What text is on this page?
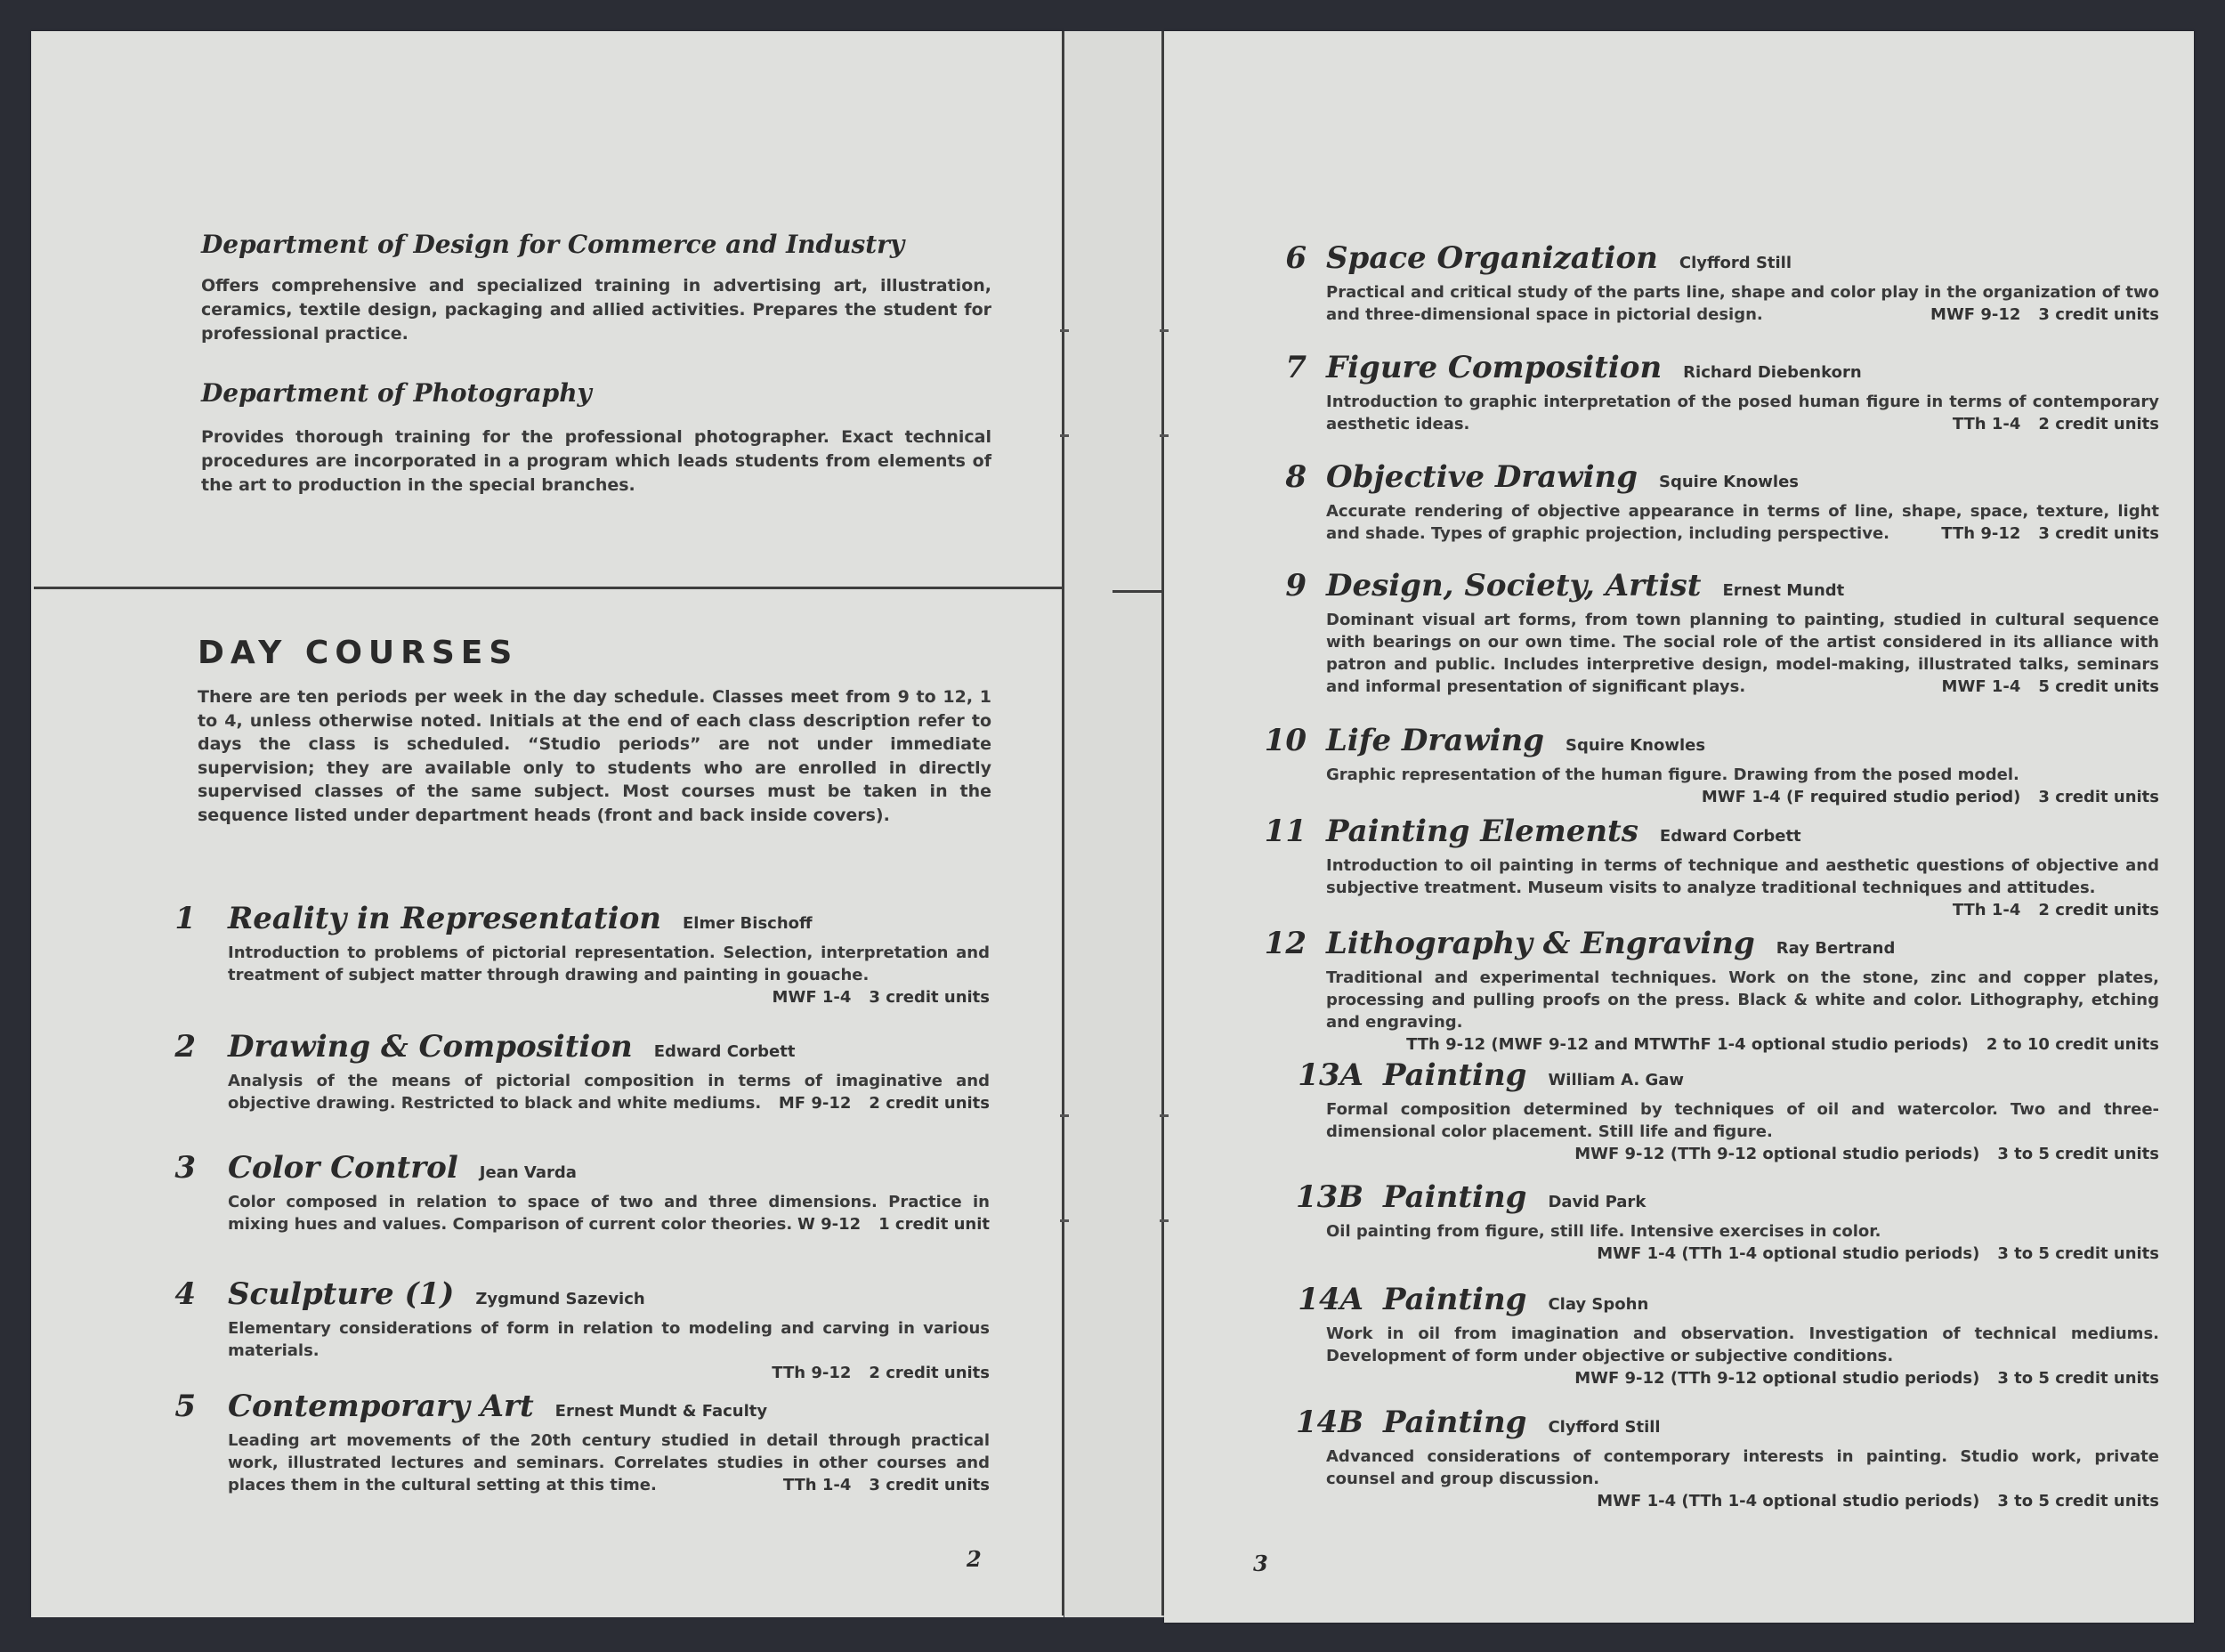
Department of Design for Commerce and Industry
Offers comprehensive and specialized training in advertising art, illustration, ceramics, textile design, packaging and allied activities. Prepares the student for professional practice.
Department of Photography
Provides thorough training for the professional photographer. Exact technical procedures are incorporated in a program which leads students from elements of the art to production in the special branches.
DAY COURSES
There are ten periods per week in the day schedule. Classes meet from 9 to 12, 1 to 4, unless otherwise noted. Initials at the end of each class description refer to days the class is scheduled. “Studio periods” are not under immediate supervision; they are available only to students who are enrolled in directly supervised classes of the same subject. Most courses must be taken in the sequence listed under department heads (front and back inside covers).
1 Reality in Representation Elmer Bischoff
Introduction to problems of pictorial representation. Selection, interpretation and treatment of subject matter through drawing and painting in gouache.
MWF 1-4 3 credit units
2 Drawing & Composition Edward Corbett
Analysis of the means of pictorial composition in terms of imaginative and objective drawing. Restricted to black and white mediums.	MF 9-12 2 credit units
3 Color Control Jean Varda
Color composed in relation to space of two and three dimensions. Practice in mixing hues and values. Comparison of current color theories. W 9-12 1 credit unit
4 Sculpture (1) Zygmund Sazevich
Elementary considerations of form in relation to modeling and carving in various materials.
TTh 9-12 2 credit units
5 Contemporary Art Ernest Mundt & Faculty
Leading art movements of the 20th century studied in detail through practical work, illustrated lectures and seminars. Correlates studies in other courses and places them in the cultural setting at this time.	TTh 1-4 3 credit units
2
6 Space Organization Clyfford Still
Practical and critical study of the parts line, shape and color play in the organization of two and three-dimensional space in pictorial design.	MWF 9-12 3 credit units
7 Figure Composition Richard Diebenkorn
Introduction to graphic interpretation of the posed human figure in terms of contemporary aesthetic ideas.	TTh 1-4 2 credit units
8 Objective Drawing Squire Knowles
Accurate rendering of objective appearance in terms of line, shape, space, texture, light and shade. Types of graphic projection, including perspective.	TTh 9-12 3 credit units
9 Design, Society, Artist Ernest Mundt
Dominant visual art forms, from town planning to painting, studied in cultural sequence with bearings on our own time. The social role of the artist considered in its alliance with patron and public. Includes interpretive design, model-making, illustrated talks, seminars and informal presentation of significant plays.	MWF 1-4 5 credit units
10 Life Drawing Squire Knowles
Graphic representation of the human figure. Drawing from the posed model.
MWF 1-4 (F required studio period) 3 credit units
11 Painting Elements Edward Corbett
Introduction to oil painting in terms of technique and aesthetic questions of objective and subjective treatment. Museum visits to analyze traditional techniques and attitudes.
TTh 1-4 2 credit units
12 Lithography & Engraving Ray Bertrand
Traditional and experimental techniques. Work on the stone, zinc and copper plates, processing and pulling proofs on the press. Black & white and color. Lithography, etching and engraving.
TTh 9-12 (MWF 9-12 and MTWThF 1-4 optional studio periods) 2 to 10 credit units
13A Painting William A. Gaw
Formal composition determined by techniques of oil and watercolor. Two and three-dimensional color placement. Still life and figure.
MWF 9-12 (TTh 9-12 optional studio periods) 3 to 5 credit units
13B Painting David Park
Oil painting from figure, still life. Intensive exercises in color.
MWF 1-4 (TTh 1-4 optional studio periods) 3 to 5 credit units
14A Painting Clay Spohn
Work in oil from imagination and observation. Investigation of technical mediums. Development of form under objective or subjective conditions.
MWF 9-12 (TTh 9-12 optional studio periods) 3 to 5 credit units
14B Painting Clyfford Still
Advanced considerations of contemporary interests in painting. Studio work, private counsel and group discussion.
MWF 1-4 (TTh 1-4 optional studio periods) 3 to 5 credit units
3
